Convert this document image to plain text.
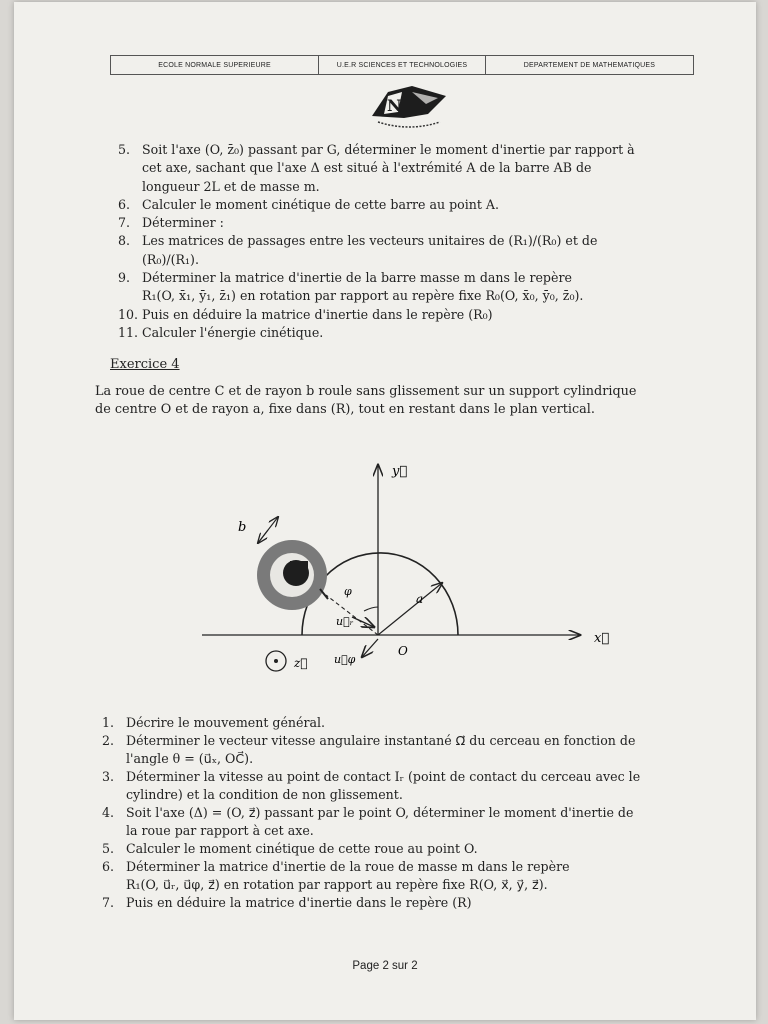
ECOLE NORMALE SUPERIEURE	U.E.R SCIENCES ET TECHNOLOGIES	DEPARTEMENT DE MATHEMATIQUES
N
5. Soit l'axe (O, z̄₀) passant par G, déterminer le moment d'inertie par rapport à
cet axe, sachant que l'axe Δ est situé à l'extrémité A de la barre AB de
longueur 2L et de masse m.
6. Calculer le moment cinétique de cette barre au point A.
7. Déterminer :
8. Les matrices de passages entre les vecteurs unitaires de (R₁)/(R₀) et de
(R₀)/(R₁).
9. Déterminer la matrice d'inertie de la barre masse m dans le repère
R₁(O, x̄₁, ȳ₁, z̄₁) en rotation par rapport au repère fixe R₀(O, x̄₀, ȳ₀, z̄₀).
10. Puis en déduire la matrice d'inertie dans le repère (R₀)
11. Calculer l'énergie cinétique.
Exercice 4
La roue de centre C et de rayon b roule sans glissement sur un support cylindrique
de centre O et de rayon a, fixe dans (R), tout en restant dans le plan vertical.
x⃗
y⃗
a
φ
u⃗ᵣ
u⃗φ
O
b
z⃗
1. Décrire le mouvement général.
2. Déterminer le vecteur vitesse angulaire instantané Ω⃗ du cerceau en fonction de
l'angle θ = (u⃗ₓ, OC⃗).
3. Déterminer la vitesse au point de contact Iᵣ (point de contact du cerceau avec le
cylindre) et la condition de non glissement.
4. Soit l'axe (Δ) = (O, z⃗) passant par le point O, déterminer le moment d'inertie de
la roue par rapport à cet axe.
5. Calculer le moment cinétique de cette roue au point O.
6. Déterminer la matrice d'inertie de la roue de masse m dans le repère
R₁(O, u⃗ᵣ, u⃗φ, z⃗) en rotation par rapport au repère fixe R(O, x⃗, y⃗, z⃗).
7. Puis en déduire la matrice d'inertie dans le repère (R)
Page 2 sur 2
